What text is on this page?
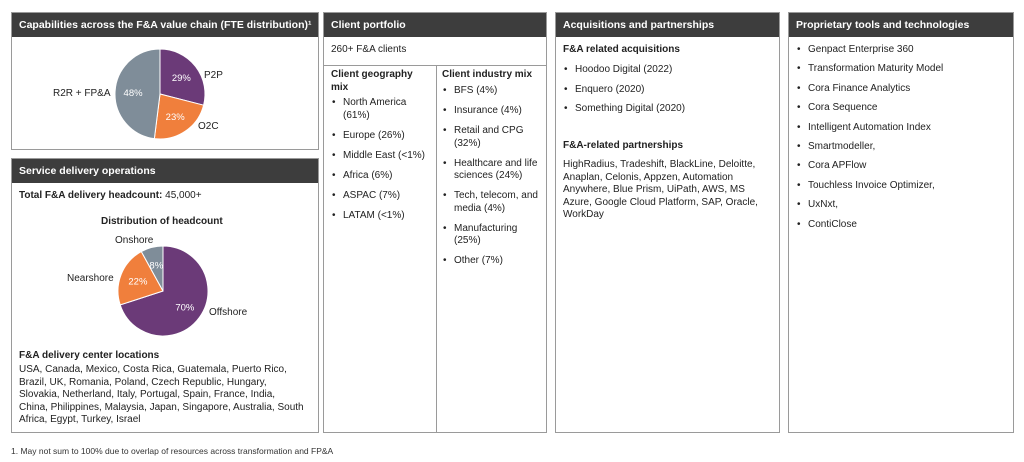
Capabilities across the F&A value chain (FTE distribution)¹
29%
23%
48%
P2P
O2C
R2R + FP&A
Service delivery operations
Total F&A delivery headcount: 45,000+
Distribution of headcount
70%
22%
8%
Onshore
Nearshore
Offshore
F&A delivery center locations
USA, Canada, Mexico, Costa Rica, Guatemala, Puerto Rico, Brazil, UK, Romania, Poland, Czech Republic, Hungary, Slovakia, Netherland, Italy, Portugal, Spain, France, India, China, Philippines, Malaysia, Japan, Singapore, Australia, South Africa, Egypt, Turkey, Israel
Client portfolio
260+ F&A clients
Client geography mix
• North America (61%)
• Europe (26%)
• Middle East (<1%)
• Africa (6%)
• ASPAC (7%)
• LATAM (<1%)
Client industry mix
• BFS (4%)
• Insurance (4%)
• Retail and CPG (32%)
• Healthcare and life sciences (24%)
• Tech, telecom, and media (4%)
• Manufacturing (25%)
• Other (7%)
Acquisitions and partnerships
F&A related acquisitions
• Hoodoo Digital (2022)
• Enquero (2020)
• Something Digital (2020)
F&A-related partnerships
HighRadius, Tradeshift, BlackLine, Deloitte, Anaplan, Celonis, Appzen, Automation Anywhere, Blue Prism, UiPath, AWS, MS Azure, Google Cloud Platform, SAP, Oracle, WorkDay
Proprietary tools and technologies
• Genpact Enterprise 360
• Transformation Maturity Model
• Cora Finance Analytics
• Cora Sequence
• Intelligent Automation Index
• Smartmodeller,
• Cora APFlow
• Touchless Invoice Optimizer,
• UxNxt,
• ContiClose
1. May not sum to 100% due to overlap of resources across transformation and FP&A
